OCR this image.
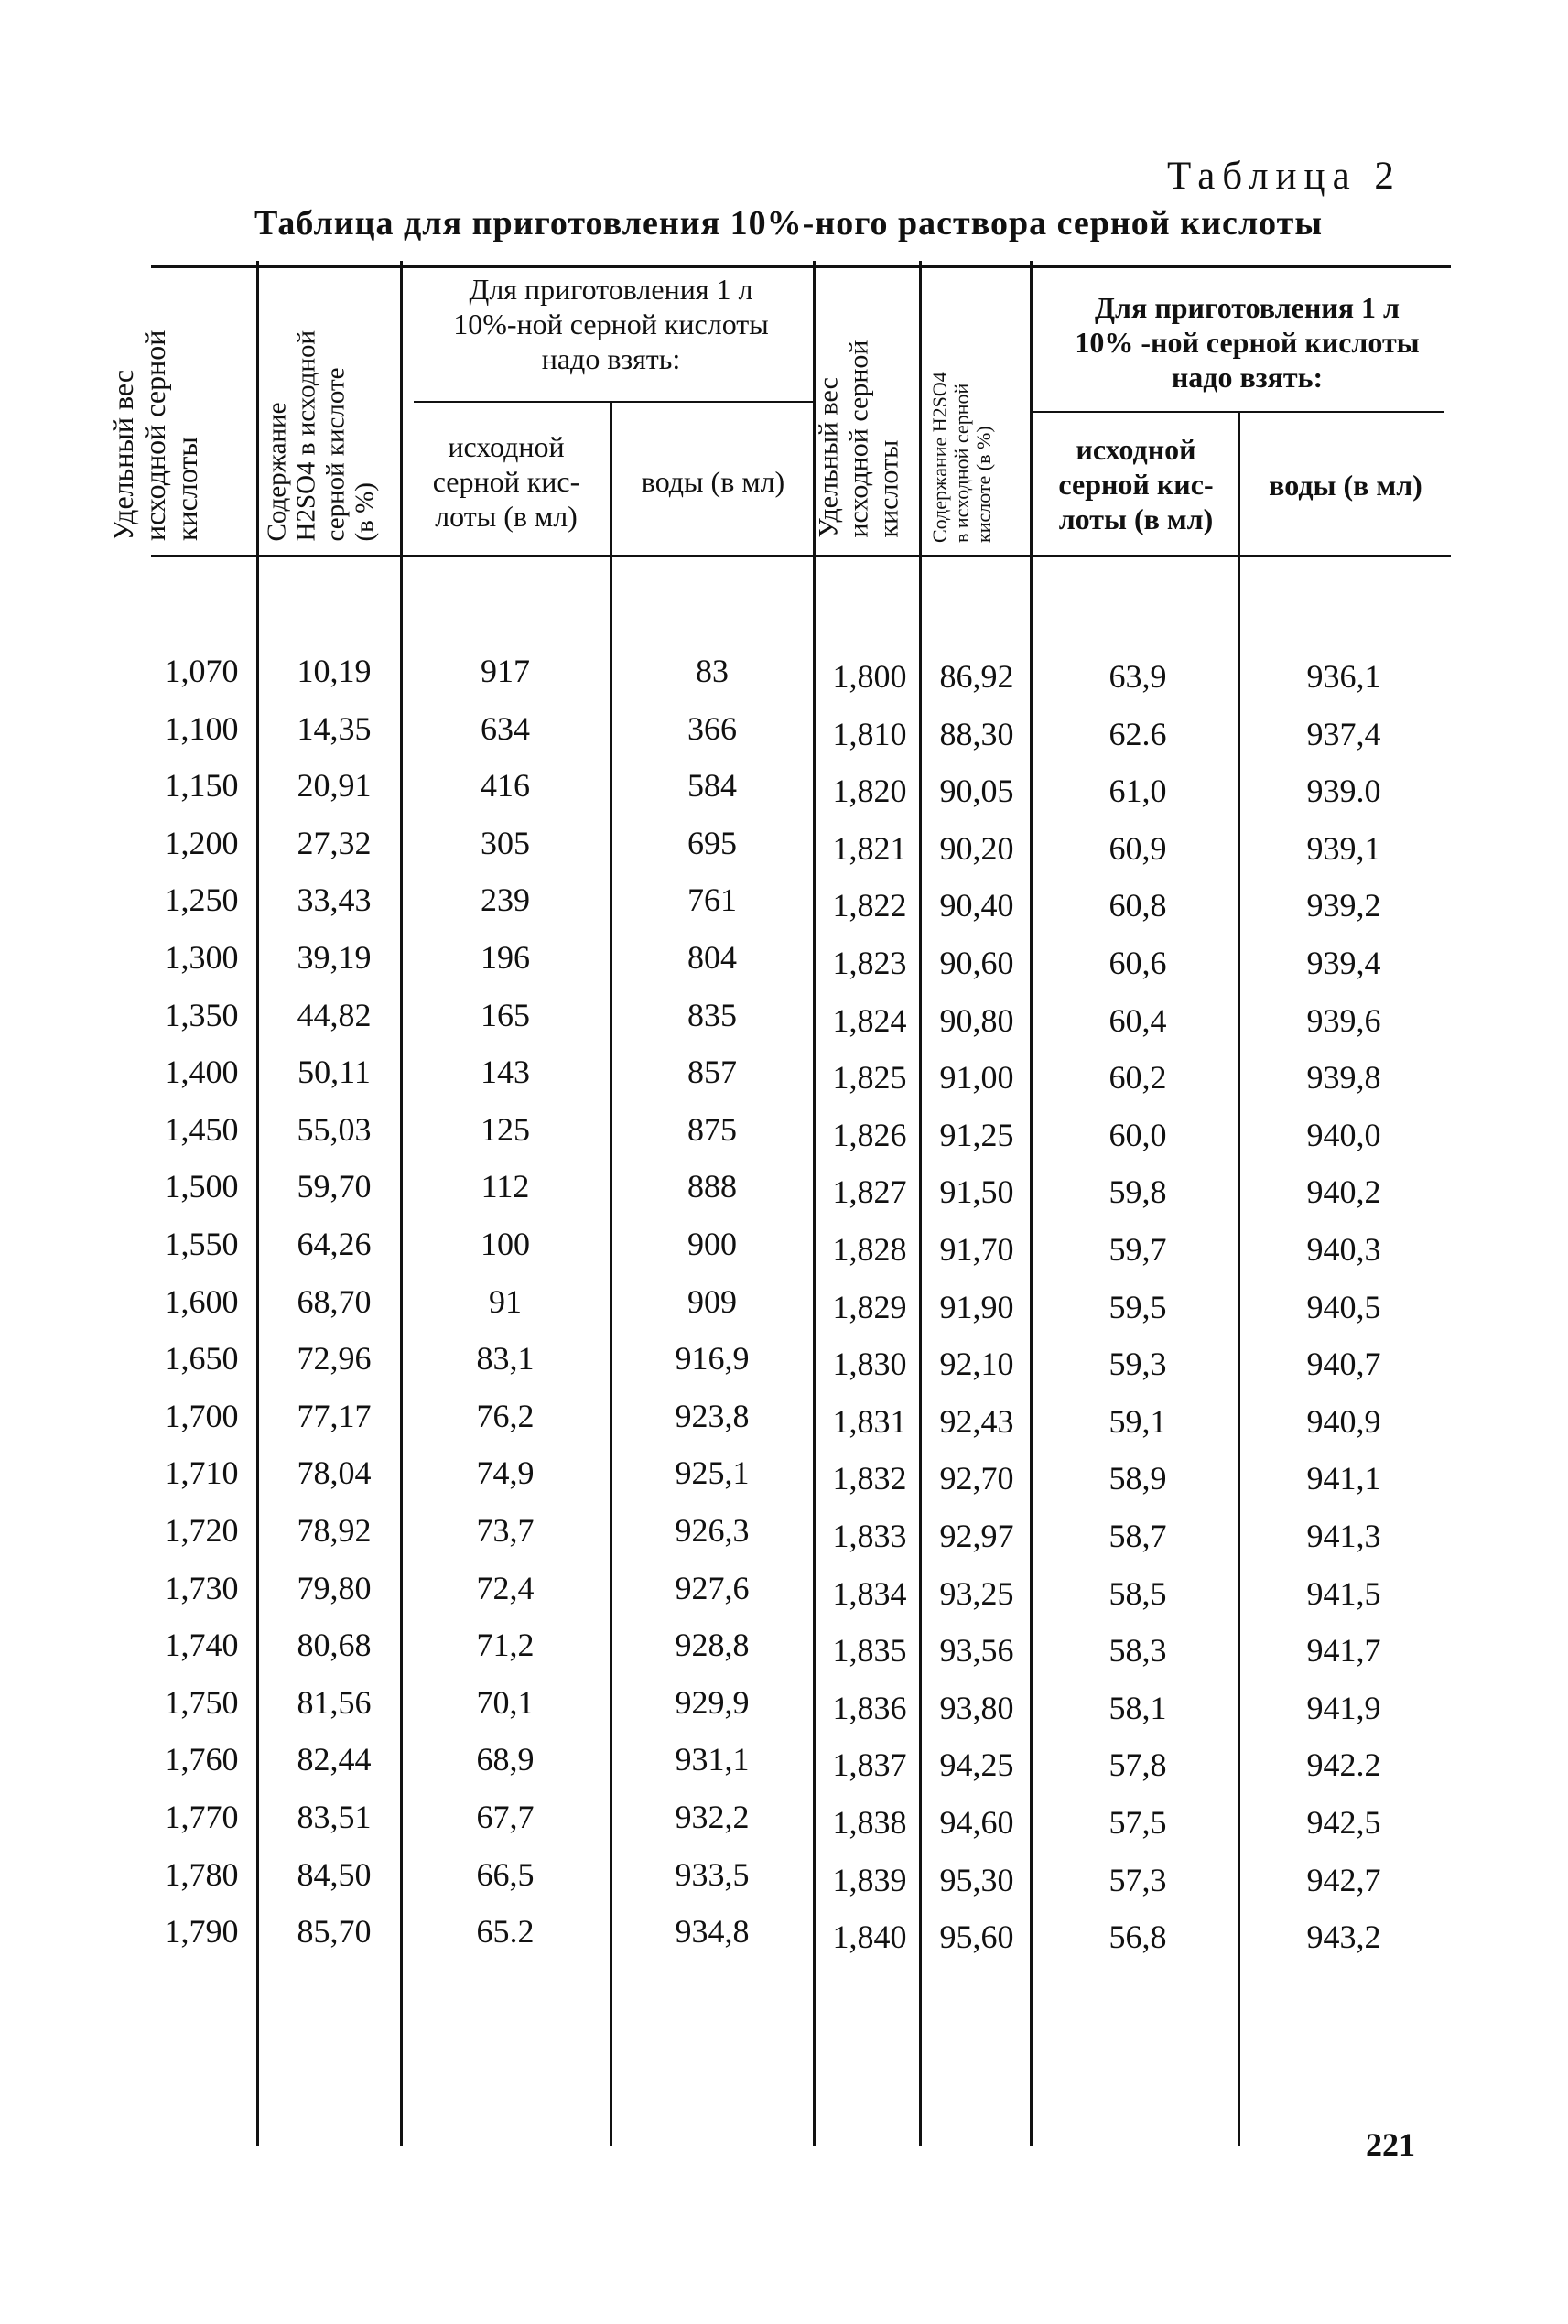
Таблица 2
Таблица для приготовления 10%-ного раствора серной кислоты
Удельный вес
исходной серной
кислоты	Содержание
H2SO4 в исходной
серной кислоте
(в %)
Для приготовления 1 л
10%-ной серной кислоты
надо взять:
исходной
серной кис-
лоты (в мл)
воды (в мл)	Удельный вес
исходной серной
кислоты	Содержание H2SO4
в исходной серной
кислоте (в %)
Для приготовления 1 л
10% -ной серной кислоты
надо взять:
исходной
серной кис-
лоты (в мл)
воды (в мл)
1,070	10,19	917	83
1,100	14,35	634	366
1,150	20,91	416	584
1,200	27,32	305	695
1,250	33,43	239	761
1,300	39,19	196	804
1,350	44,82	165	835
1,400	50,11	143	857
1,450	55,03	125	875
1,500	59,70	112	888
1,550	64,26	100	900
1,600	68,70	91	909
1,650	72,96	83,1	916,9
1,700	77,17	76,2	923,8
1,710	78,04	74,9	925,1
1,720	78,92	73,7	926,3
1,730	79,80	72,4	927,6
1,740	80,68	71,2	928,8
1,750	81,56	70,1	929,9
1,760	82,44	68,9	931,1
1,770	83,51	67,7	932,2
1,780	84,50	66,5	933,5
1,790	85,70	65.2	934,8
1,800	86,92	63,9	936,1
1,810	88,30	62.6	937,4
1,820	90,05	61,0	939.0
1,821	90,20	60,9	939,1
1,822	90,40	60,8	939,2
1,823	90,60	60,6	939,4
1,824	90,80	60,4	939,6
1,825	91,00	60,2	939,8
1,826	91,25	60,0	940,0
1,827	91,50	59,8	940,2
1,828	91,70	59,7	940,3
1,829	91,90	59,5	940,5
1,830	92,10	59,3	940,7
1,831	92,43	59,1	940,9
1,832	92,70	58,9	941,1
1,833	92,97	58,7	941,3
1,834	93,25	58,5	941,5
1,835	93,56	58,3	941,7
1,836	93,80	58,1	941,9
1,837	94,25	57,8	942.2
1,838	94,60	57,5	942,5
1,839	95,30	57,3	942,7
1,840	95,60	56,8	943,2
221
